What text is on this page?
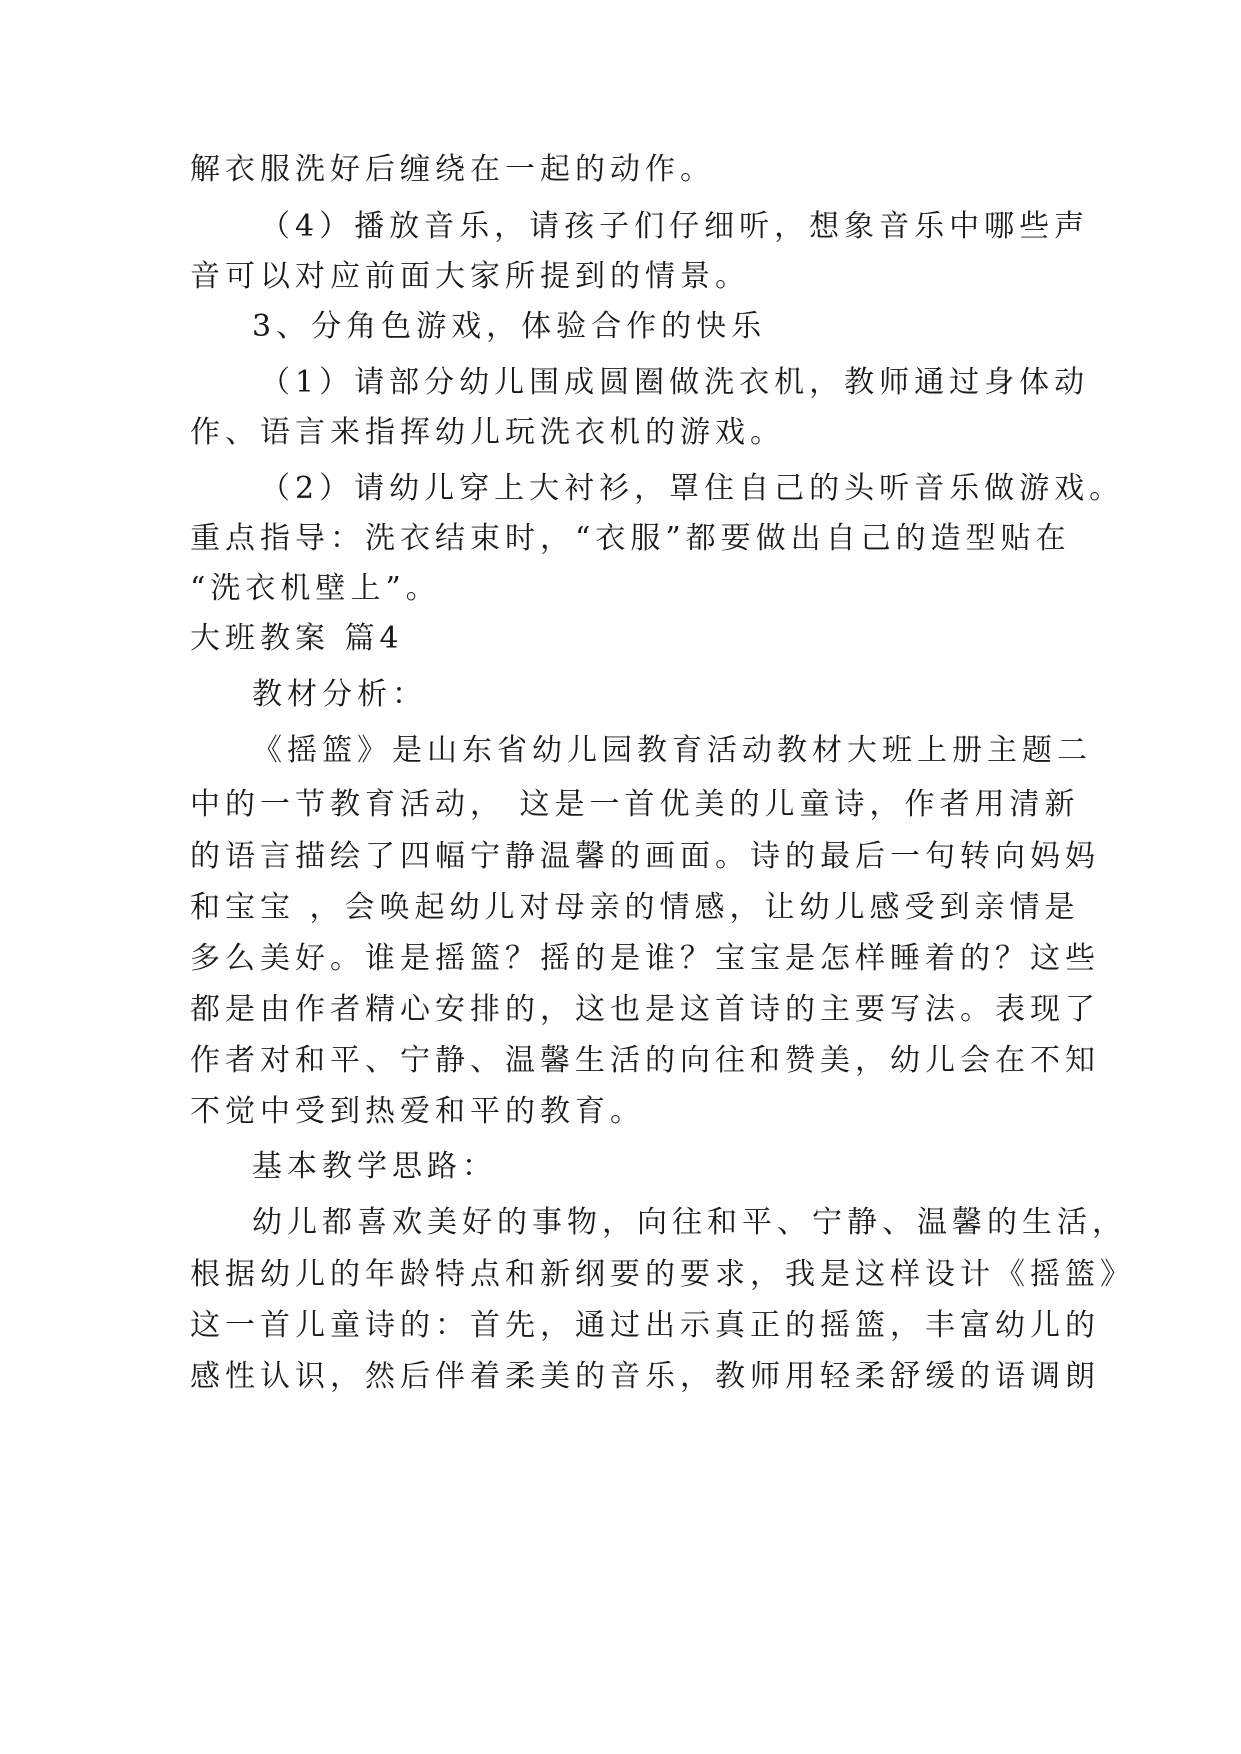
解衣服洗好后缠绕在一起的动作。
（4）播放音乐，请孩子们仔细听，想象音乐中哪些声
音可以对应前面大家所提到的情景。
3、分角色游戏，体验合作的快乐
（1）请部分幼儿围成圆圈做洗衣机，教师通过身体动
作、语言来指挥幼儿玩洗衣机的游戏。
（2）请幼儿穿上大衬衫，罩住自己的头听音乐做游戏。
重点指导：洗衣结束时，“衣服”都要做出自己的造型贴在
“洗衣机壁上”。
大班教案 篇4
教材分析：
《摇篮》是山东省幼儿园教育活动教材大班上册主题二
中的一节教育活动， 这是一首优美的儿童诗，作者用清新
的语言描绘了四幅宁静温馨的画面。诗的最后一句转向妈妈
和宝宝 ，会唤起幼儿对母亲的情感，让幼儿感受到亲情是
多么美好。谁是摇篮？摇的是谁？宝宝是怎样睡着的？这些
都是由作者精心安排的，这也是这首诗的主要写法。表现了
作者对和平、宁静、温馨生活的向往和赞美，幼儿会在不知
不觉中受到热爱和平的教育。
基本教学思路：
幼儿都喜欢美好的事物，向往和平、宁静、温馨的生活，
根据幼儿的年龄特点和新纲要的要求，我是这样设计《摇篮》
这一首儿童诗的：首先，通过出示真正的摇篮，丰富幼儿的
感性认识，然后伴着柔美的音乐，教师用轻柔舒缓的语调朗
